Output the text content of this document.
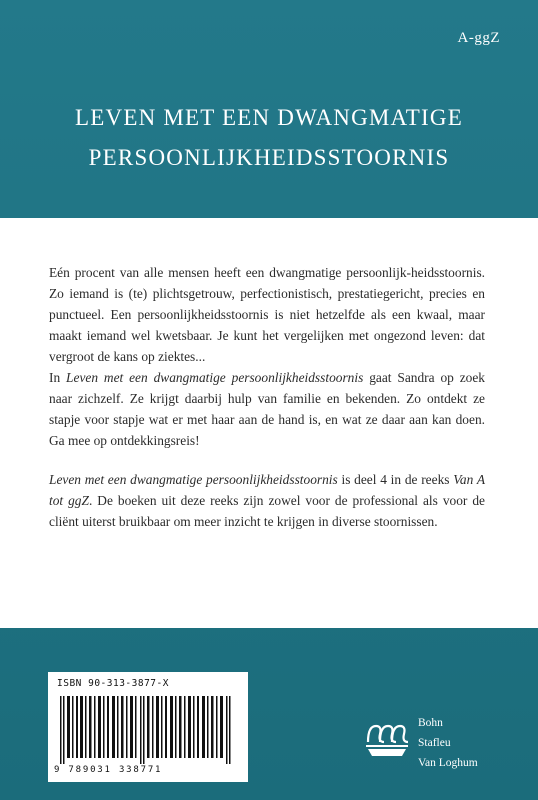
A-ggZ
LEVEN MET EEN DWANGMATIGE
PERSOONLIJKHEIDSSTOORNIS

Eén procent van alle mensen heeft een dwangmatige persoonlijk-heidsstoornis. Zo iemand is (te) plichtsgetrouw, perfectionistisch, prestatiegericht, precies en punctueel. Een persoonlijkheidsstoornis is niet hetzelfde als een kwaal, maar maakt iemand wel kwetsbaar. Je kunt het vergelijken met ongezond leven: dat vergroot de kans op ziektes...

In Leven met een dwangmatige persoonlijkheidsstoornis gaat Sandra op zoek naar zichzelf. Ze krijgt daarbij hulp van familie en bekenden. Zo ontdekt ze stapje voor stapje wat er met haar aan de hand is, en wat ze daar aan kan doen. Ga mee op ontdekkingsreis!

Leven met een dwangmatige persoonlijkheidsstoornis is deel 4 in de reeks Van A tot ggZ. De boeken uit deze reeks zijn zowel voor de professional als voor de cliënt uiterst bruikbaar om meer inzicht te krijgen in diverse stoornissen.

ISBN 90-313-3877-X
9 789031 338771
Bohn
Stafleu
Van Loghum
